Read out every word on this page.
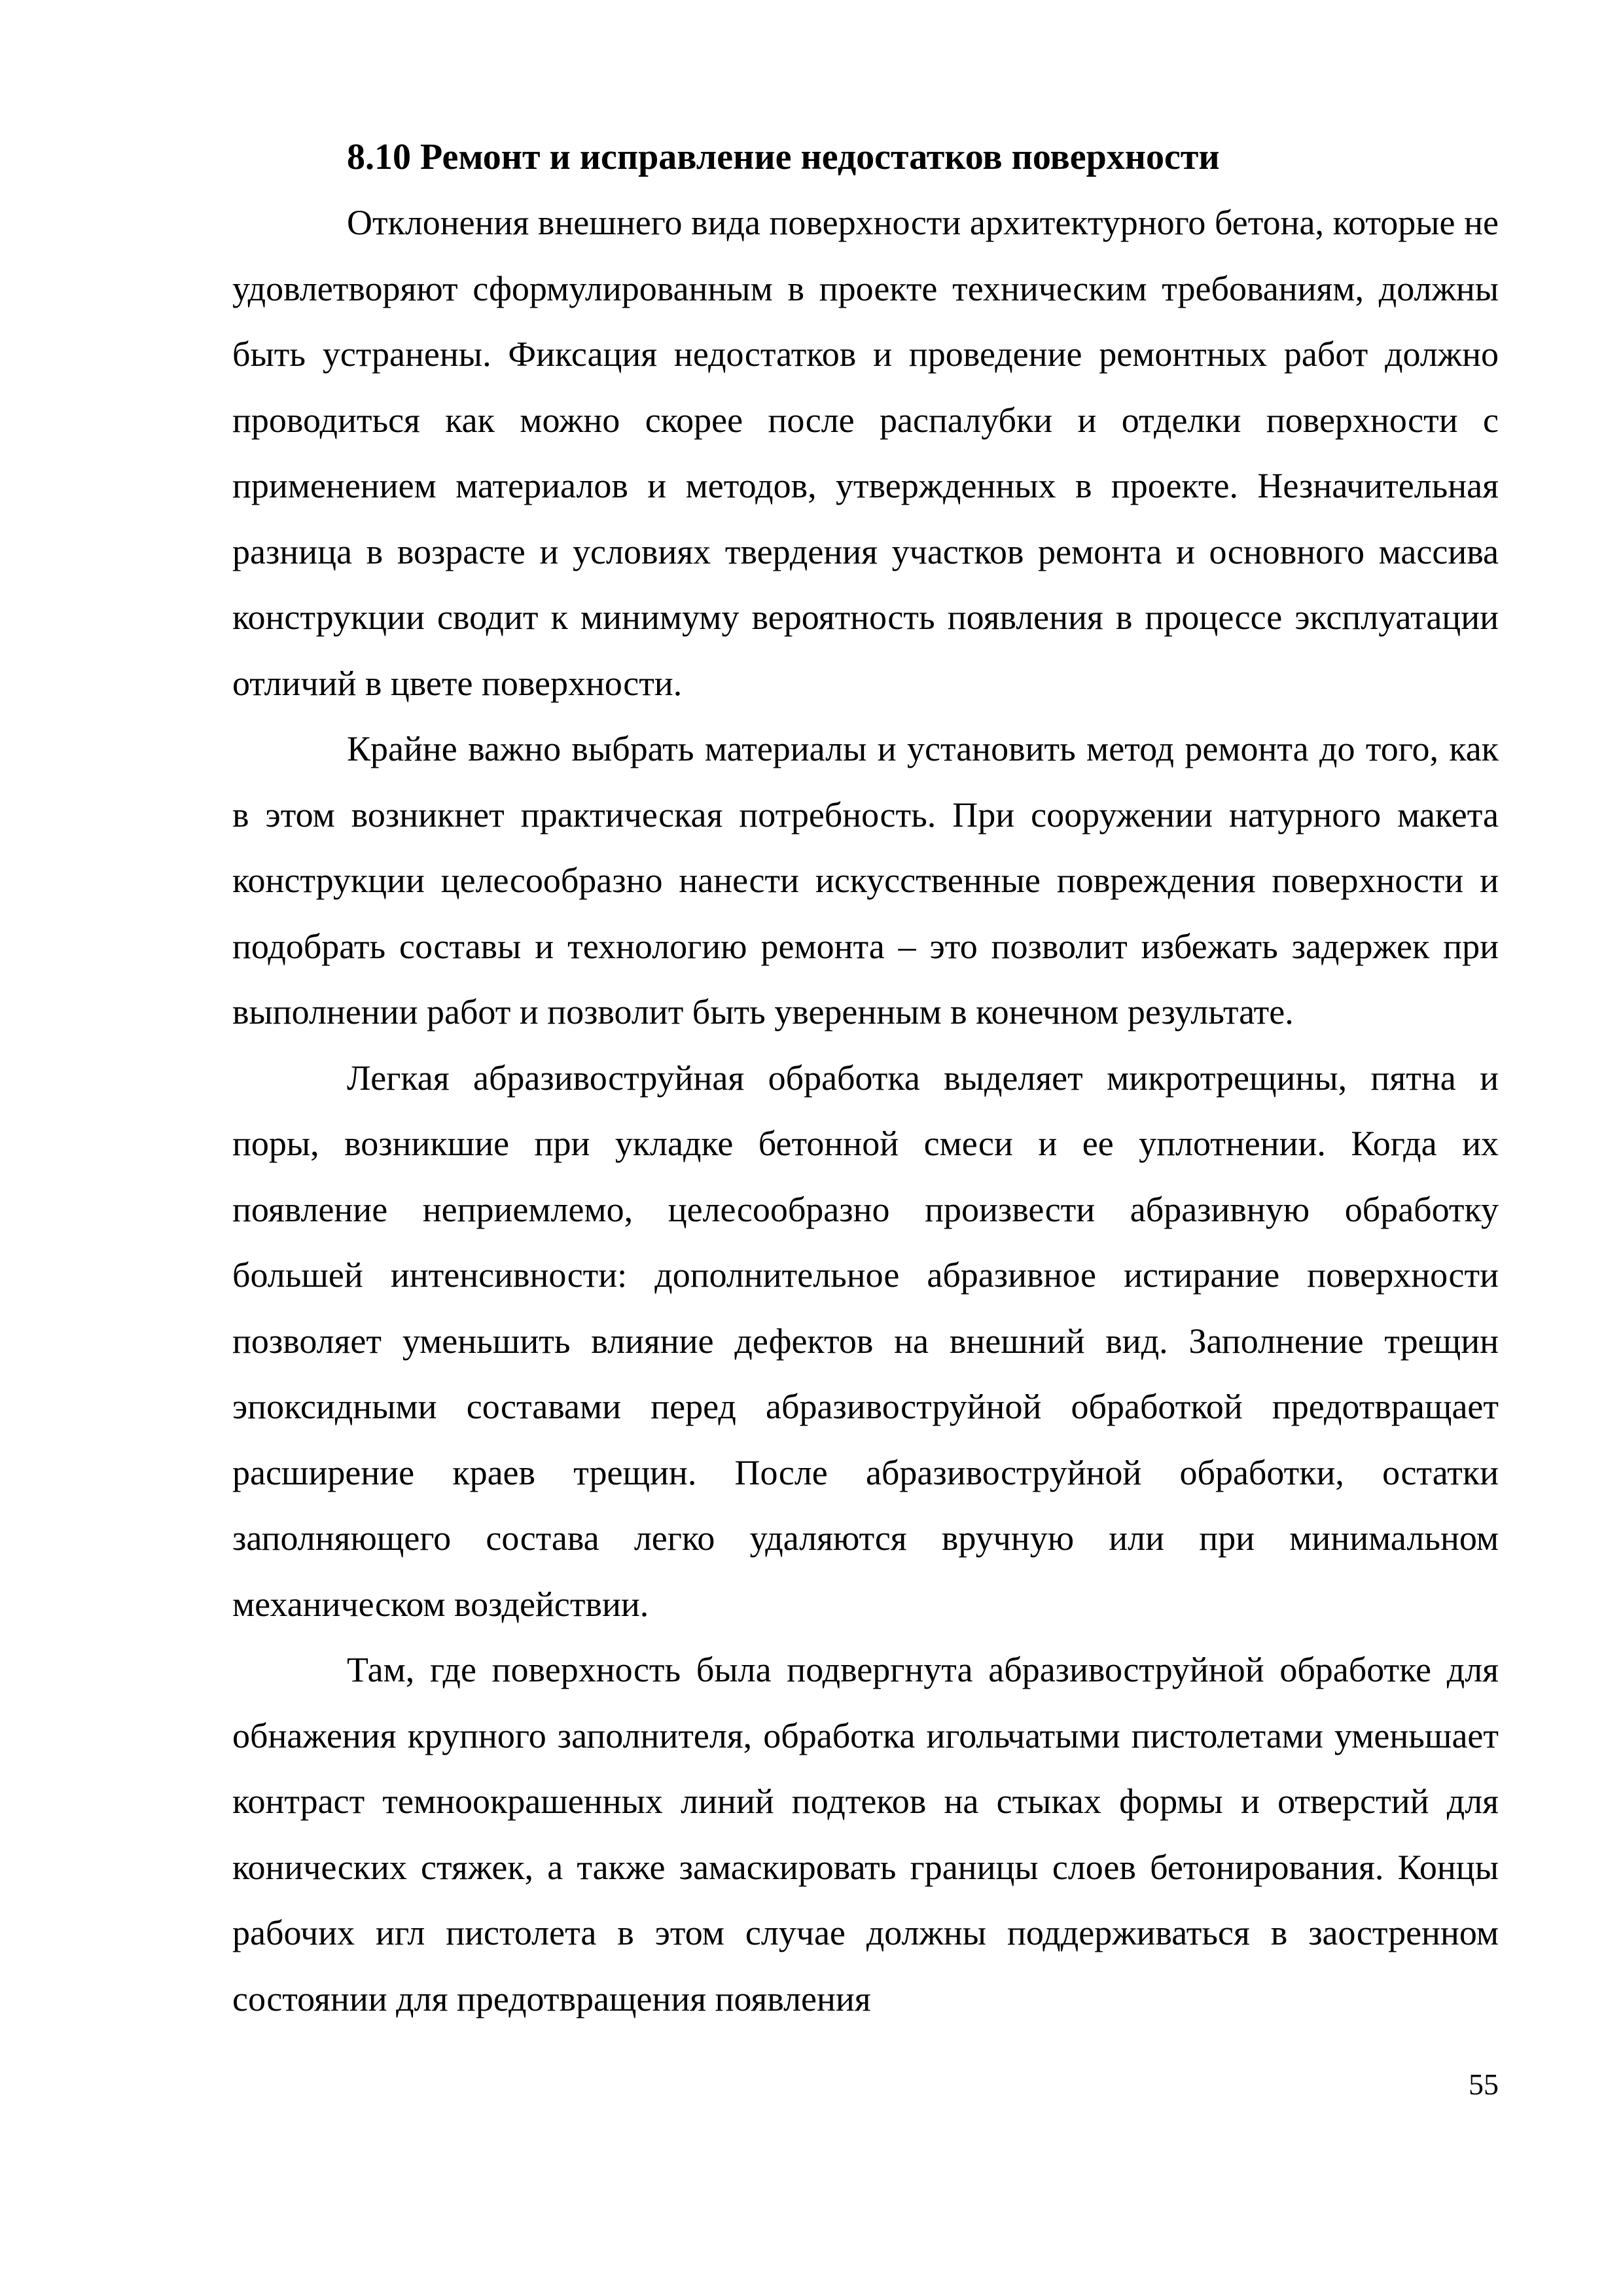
8.10 Ремонт и исправление недостатков поверхности

Отклонения внешнего вида поверхности архитектурного бетона, которые не удовлетворяют сформулированным в проекте техническим требованиям, должны быть устранены. Фиксация недостатков и проведение ремонтных работ должно проводиться как можно скорее после распалубки и отделки поверхности с применением материалов и методов, утвержденных в проекте. Незначительная разница в возрасте и условиях твердения участков ремонта и основного массива конструкции сводит к минимуму вероятность появления в процессе эксплуатации отличий в цвете поверхности.

Крайне важно выбрать материалы и установить метод ремонта до того, как в этом возникнет практическая потребность. При сооружении натурного макета конструкции целесообразно нанести искусственные повреждения поверхности и подобрать составы и технологию ремонта – это позволит избежать задержек при выполнении работ и позволит быть уверенным в конечном результате.

Легкая абразивоструйная обработка выделяет микротрещины, пятна и поры, возникшие при укладке бетонной смеси и ее уплотнении. Когда их появление неприемлемо, целесообразно произвести абразивную обработку большей интенсивности: дополнительное абразивное истирание поверхности позволяет уменьшить влияние дефектов на внешний вид. Заполнение трещин эпоксидными составами перед абразивоструйной обработкой предотвращает расширение краев трещин. После абразивоструйной обработки, остатки заполняющего состава легко удаляются вручную или при минимальном механическом воздействии.

Там, где поверхность была подвергнута абразивоструйной обработке для обнажения крупного заполнителя, обработка игольчатыми пистолетами уменьшает контраст темноокрашенных линий подтеков на стыках формы и отверстий для конических стяжек, а также замаскировать границы слоев бетонирования. Концы рабочих игл пистолета в этом случае должны поддерживаться в заостренном состоянии для предотвращения появления

55
